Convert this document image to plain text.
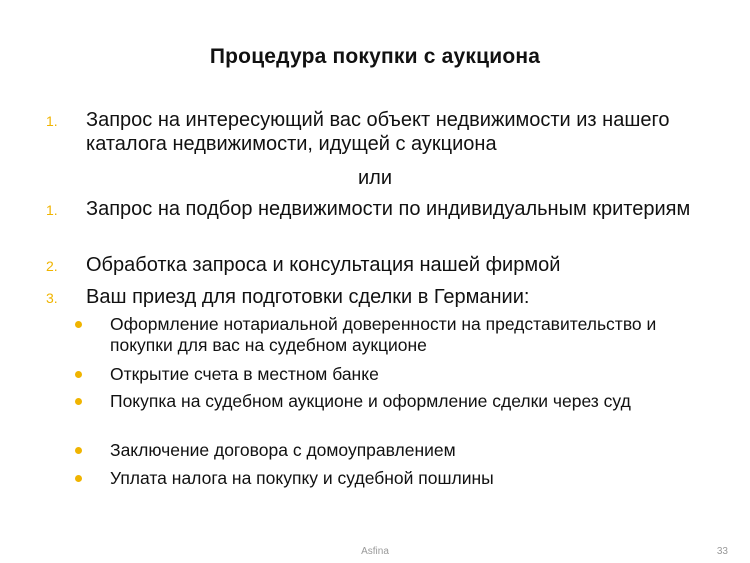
Процедура покупки с аукциона
1. Запрос на интересующий вас объект недвижимости из нашего каталога недвижимости, идущей с аукциона
или
1. Запрос на подбор недвижимости по индивидуальным критериям
2. Обработка запроса и консультация нашей фирмой
3. Ваш приезд для подготовки сделки в Германии:
Оформление нотариальной доверенности на представительство и покупки для вас на судебном аукционе
Открытие счета в местном банке
Покупка на судебном аукционе и оформление сделки через суд
Заключение договора с домоуправлением
Уплата налога на покупку и судебной пошлины
Asfina	33
